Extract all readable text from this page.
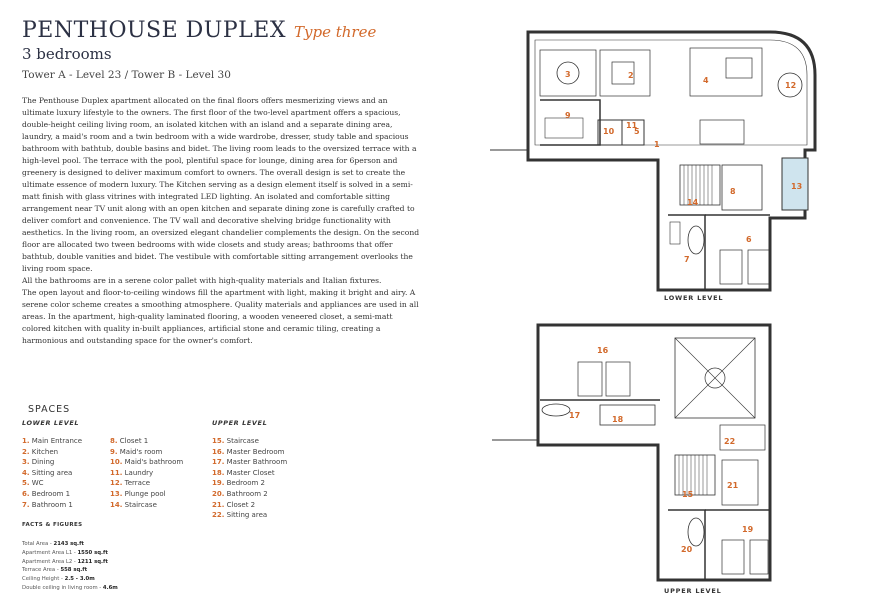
PENTHOUSE DUPLEX Type three
3 bedrooms
Tower A - Level 23 / Tower B - Level 30

The Penthouse Duplex apartment allocated on the final floors offers mesmerizing views and an ultimate luxury lifestyle to the owners. The first floor of the two-level apartment offers a spacious, double-height ceiling living room, an isolated kitchen with an island and a separate dining area, laundry, a maid's room and a twin bedroom with a wide wardrobe, dresser, study table and spacious bathroom with bathtub, double basins and bidet. The living room leads to the oversized terrace with a high-level pool. The terrace with the pool, plentiful space for lounge, dining area for 6person and greenery is designed to deliver maximum comfort to owners. The overall design is set to create the ultimate essence of modern luxury. The Kitchen serving as a design element itself is solved in a semi-matt finish with glass vitrines with integrated LED lighting. An isolated and comfortable sitting arrangement near TV unit along with an open kitchen and separate dining zone is carefully crafted to deliver comfort and convenience. The TV wall and decorative shelving bridge functionality with aesthetics. In the living room, an oversized elegant chandelier complements the design. On the second floor are allocated two tween bedrooms with wide closets and study areas; bathrooms that offer bathtub, double vanities and bidet. The vestibule with comfortable sitting arrangement overlooks the living room space.

All the bathrooms are in a serene color pallet with high-quality materials and Italian fixtures.

The open layout and floor-to-ceiling windows fill the apartment with light, making it bright and airy. A serene color scheme creates a smoothing atmosphere. Quality materials and appliances are used in all areas. In the apartment, high-quality laminated flooring, a wooden veneered closet, a semi-matt colored kitchen with quality in-built appliances, artificial stone and ceramic tiling, creating a harmonious and outstanding space for the owner's comfort.

SPACES
LOWER LEVEL	UPPER LEVEL
1. Main Entrance
2. Kitchen
3. Dining
4. Sitting area
5. WC
6. Bedroom 1
7. Bathroom 1
8. Closet 1
9. Maid's room
10. Maid's bathroom
11. Laundry
12. Terrace
13. Plunge pool
14. Staircase
15. Staircase
16. Master Bedroom
17. Master Bathroom
18. Master Closet
19. Bedroom 2
20. Bathroom 2
21. Closet 2
22. Sitting area
FACTS & FIGURES
Total Area - 2143 sq.ft
Apartment Area L1 - 1550 sq.ft
Apartment Area L2 - 1211 sq.ft
Terrace Area - 558 sq.ft
Ceiling Height - 2.5 - 3.0m
Double ceiling in living room - 4.6m
LOWER LEVEL
UPPER LEVEL
1
2
3
4
5
6
7
8
9
10
11
12
13
14
15
16
17	18
19
20
21
22
